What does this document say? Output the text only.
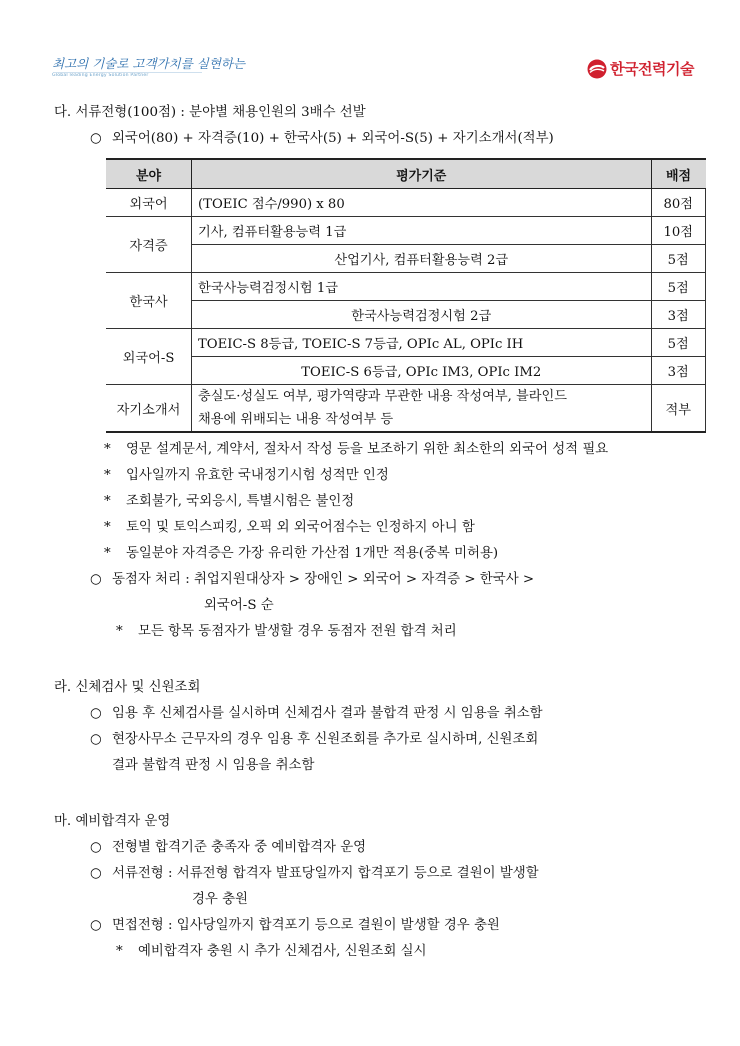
최고의 기술로 고객가치를 실현하는
Global leading Energy Solution Partner	한국전력기술
다. 서류전형(100점) : 분야별 채용인원의 3배수 선발
○ 외국어(80) + 자격증(10) + 한국사(5) + 외국어-S(5) + 자기소개서(적부)
분야	평가기준	배점
외국어	(TOEIC 점수/990) x 80	80점
자격증	기사, 컴퓨터활용능력 1급	10점
	산업기사, 컴퓨터활용능력 2급	5점
한국사	한국사능력검정시험 1급	5점
	한국사능력검정시험 2급	3점
외국어-S	TOEIC-S 8등급, TOEIC-S 7등급, OPIc AL, OPIc IH	5점
	TOEIC-S 6등급, OPIc IM3, OPIc IM2	3점
자기소개서	충실도·성실도 여부, 평가역량과 무관한 내용 작성여부, 블라인드
채용에 위배되는 내용 작성여부 등	적부
* 영문 설계문서, 계약서, 절차서 작성 등을 보조하기 위한 최소한의 외국어 성적 필요
* 입사일까지 유효한 국내정기시험 성적만 인정
* 조회불가, 국외응시, 특별시험은 불인정
* 토익 및 토익스피킹, 오픽 외 외국어점수는 인정하지 아니 함
* 동일분야 자격증은 가장 유리한 가산점 1개만 적용(중복 미허용)
○ 동점자 처리 : 취업지원대상자 > 장애인 > 외국어 > 자격증 > 한국사 >
외국어-S 순
* 모든 항목 동점자가 발생할 경우 동점자 전원 합격 처리
라. 신체검사 및 신원조회
○ 임용 후 신체검사를 실시하며 신체검사 결과 불합격 판정 시 임용을 취소함
○ 현장사무소 근무자의 경우 임용 후 신원조회를 추가로 실시하며, 신원조회
결과 불합격 판정 시 임용을 취소함
마. 예비합격자 운영
○ 전형별 합격기준 충족자 중 예비합격자 운영
○ 서류전형 : 서류전형 합격자 발표당일까지 합격포기 등으로 결원이 발생할
경우 충원
○ 면접전형 : 입사당일까지 합격포기 등으로 결원이 발생할 경우 충원
* 예비합격자 충원 시 추가 신체검사, 신원조회 실시
